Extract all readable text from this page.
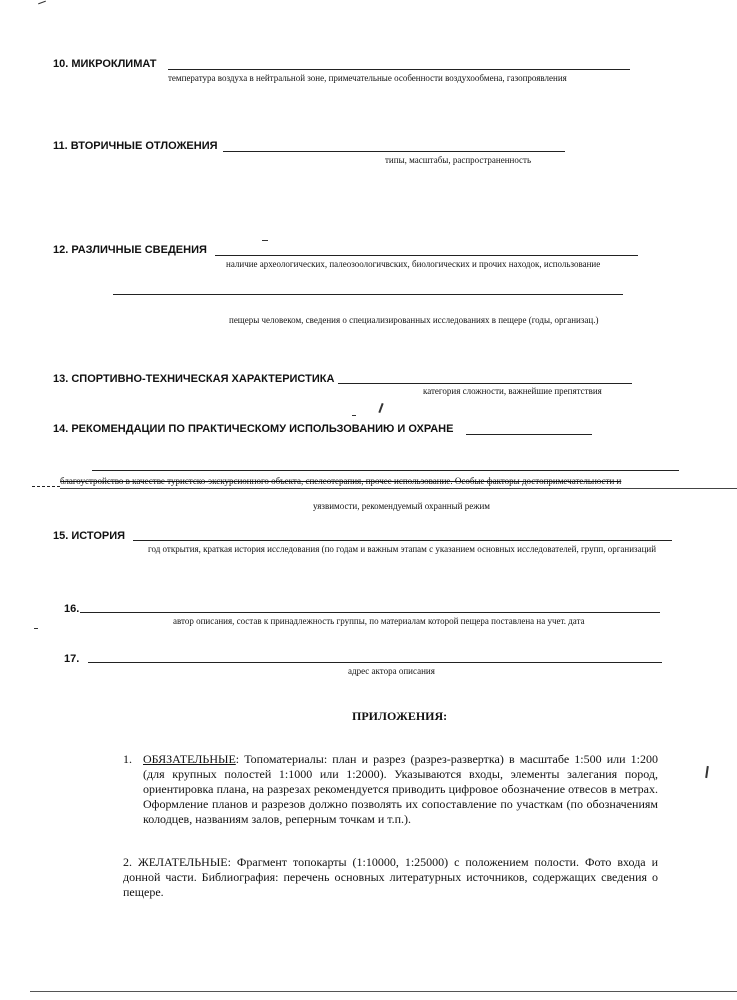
10. МИКРОКЛИМАТ
температура воздуха в нейтральной зоне, примечательные особенности воздухообмена, газопроявления
11. ВТОРИЧНЫЕ ОТЛОЖЕНИЯ
типы, масштабы, распространенность
12. РАЗЛИЧНЫЕ СВЕДЕНИЯ
наличие археологических, палеозоологичвских, биологических и прочих находок, использование
пещеры человеком, сведения о специализированных исследованиях в пещере (годы, организац.)
13. СПОРТИВНО-ТЕХНИЧЕСКАЯ ХАРАКТЕРИСТИКА
категория сложности, важнейшие препятствия
14. РЕКОМЕНДАЦИИ ПО ПРАКТИЧЕСКОМУ ИСПОЛЬЗОВАНИЮ И ОХРАНЕ
благоустройство в качестве туристско-экскурсионного объекта, спелеотерапия, прочее использование. Особые факторы достопримечательности и
уязвимости, рекомендуемый охранный режим
15. ИСТОРИЯ
год открытия, краткая история исследования (по годам и важным этапам с указанием основных исследователей, групп, организаций
16.
автор описания, состав к принадлежность группы, по материалам которой пещера поставлена на учет. дата
17.
адрес актора описания
ПРИЛОЖЕНИЯ:
1. ОБЯЗАТЕЛЬНЫЕ: Топоматериалы: план и разрез (разрез-развертка) в масштабе 1:500 или 1:200 (для крупных полостей 1:1000 или 1:2000). Указываются входы, элементы залегания пород, ориентировка плана, на разрезах рекомендуется приводить цифровое обозначение отвесов в метрах. Оформление планов и разрезов должно позволять их сопоставление по участкам (по обозначениям колодцев, названиям залов, реперным точкам и т.п.).
2. ЖЕЛАТЕЛЬНЫЕ: Фрагмент топокарты (1:10000, 1:25000) с положением полости. Фото входа и донной части. Библиография: перечень основных литературных источников, содержащих сведения о пещере.
